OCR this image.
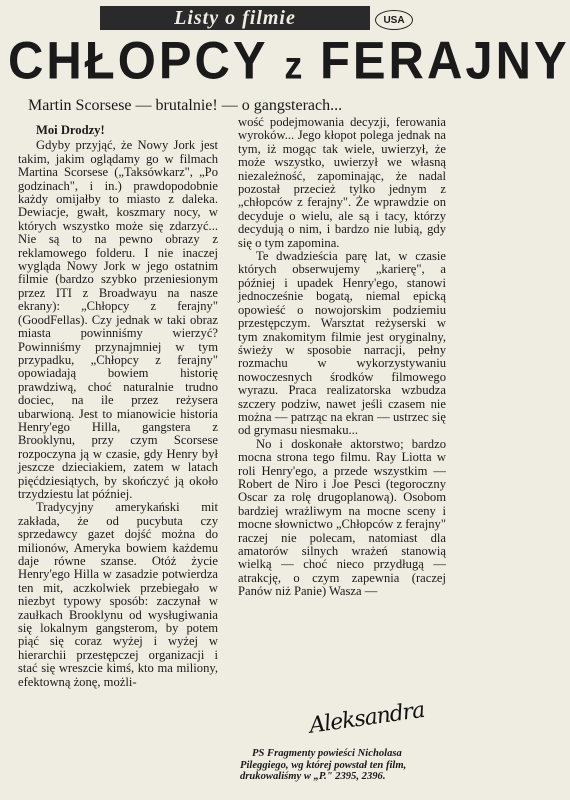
Listy o filmie	USA
CHŁOPCY z FERAJNY
Martin Scorsese — brutalnie! — o gangsterach...

Moi Drodzy!

Gdyby przyjąć, że Nowy Jork jest takim, jakim oglądamy go w filmach Martina Scorsese („Taksówkarz", „Po godzinach", i in.) prawdopodobnie każdy omijałby to miasto z daleka. Dewiacje, gwałt, koszmary nocy, w których wszystko może się zdarzyć... Nie są to na pewno obrazy z reklamowego folderu. I nie inaczej wygląda Nowy Jork w jego ostatnim filmie (bardzo szybko przeniesionym przez ITI z Broadwayu na nasze ekrany): „Chłopcy z ferajny" (GoodFellas). Czy jednak w taki obraz miasta powinniśmy wierzyć? Powinniśmy przynajmniej w tym przypadku, „Chłopcy z ferajny" opowiadają bowiem historię prawdziwą, choć naturalnie trudno dociec, na ile przez reżysera ubarwioną. Jest to mianowicie historia Henry'ego Hilla, gangstera z Brooklynu, przy czym Scorsese rozpoczyna ją w czasie, gdy Henry był jeszcze dzieciakiem, zatem w latach pięćdziesiątych, by skończyć ją około trzydziestu lat później.

Tradycyjny amerykański mit zakłada, że od pucybuta czy sprzedawcy gazet dojść można do milionów, Ameryka bowiem każdemu daje równe szanse. Otóż życie Henry'ego Hilla w zasadzie potwierdza ten mit, aczkolwiek przebiegało w niezbyt typowy sposób: zaczynał w zaułkach Brooklynu od wysługiwania się lokalnym gangsterom, by potem piąć się coraz wyżej i wyżej w hierarchii przestępczej organizacji i stać się wreszcie kimś, kto ma miliony, efektowną żonę, możli-

wość podejmowania decyzji, ferowania wyroków... Jego kłopot polega jednak na tym, iż mogąc tak wiele, uwierzył, że może wszystko, uwierzył we własną niezależność, zapominając, że nadal pozostał przecież tylko jednym z „chłopców z ferajny". Że wprawdzie on decyduje o wielu, ale są i tacy, którzy decydują o nim, i bardzo nie lubią, gdy się o tym zapomina.

Te dwadzieścia parę lat, w czasie których obserwujemy „karierę", a później i upadek Henry'ego, stanowi jednocześnie bogatą, niemal epicką opowieść o nowojorskim podziemiu przestępczym. Warsztat reżyserski w tym znakomitym filmie jest oryginalny, świeży w sposobie narracji, pełny rozmachu w wykorzystywaniu nowoczesnych środków filmowego wyrazu. Praca realizatorska wzbudza szczery podziw, nawet jeśli czasem nie można — patrząc na ekran — ustrzec się od grymasu niesmaku...

No i doskonałe aktorstwo; bardzo mocna strona tego filmu. Ray Liotta w roli Henry'ego, a przede wszystkim — Robert de Niro i Joe Pesci (tegoroczny Oscar za rolę drugoplanową). Osobom bardziej wrażliwym na mocne sceny i mocne słownictwo „Chłopców z ferajny" raczej nie polecam, natomiast dla amatorów silnych wrażeń stanowią wielką — choć nieco przydługą — atrakcję, o czym zapewnia (raczej Panów niż Panie) Wasza —

Aleksandra
PS Fragmenty powieści Nicholasa Pileggiego, wg której powstał ten film, drukowaliśmy w „P." 2395, 2396.
